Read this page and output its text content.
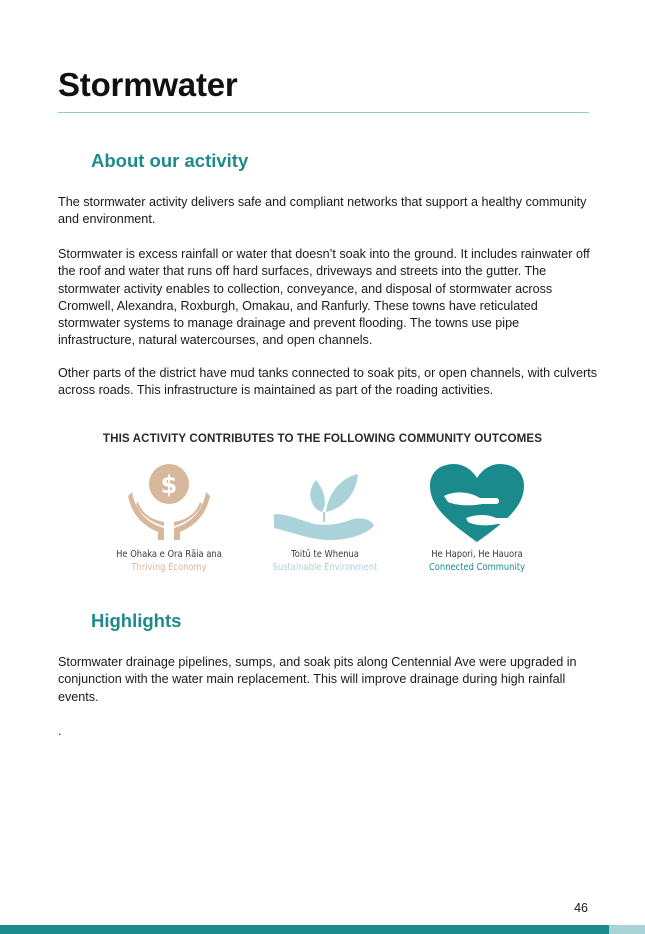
Stormwater
About our activity

The stormwater activity delivers safe and compliant networks that support a healthy community and environment.

Stormwater is excess rainfall or water that doesn’t soak into the ground. It includes rainwater off the roof and water that runs off hard surfaces, driveways and streets into the gutter. The stormwater activity enables to collection, conveyance, and disposal of stormwater across Cromwell, Alexandra, Roxburgh, Omakau, and Ranfurly. These towns have reticulated stormwater systems to manage drainage and prevent flooding. The towns use pipe infrastructure, natural watercourses, and open channels.

Other parts of the district have mud tanks connected to soak pits, or open channels, with culverts across roads. This infrastructure is maintained as part of the roading activities.

THIS ACTIVITY CONTRIBUTES TO THE FOLLOWING COMMUNITY OUTCOMES
$
He Ōhaka e Ora Rāia ana
Thriving Economy
Toitū te Whenua
Sustainable Environment
He Hapori, He Hauora
Connected Community
Highlights

Stormwater drainage pipelines, sumps, and soak pits along Centennial Ave were upgraded in conjunction with the water main replacement. This will improve drainage during high rainfall events.

.

46
